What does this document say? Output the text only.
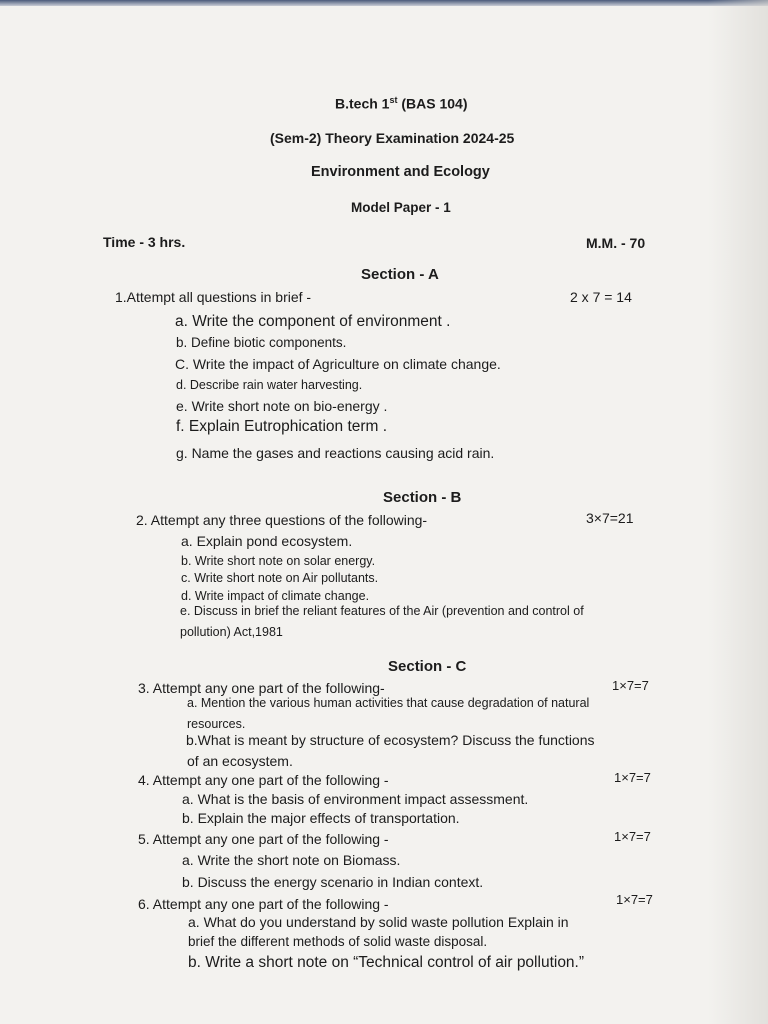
B.tech 1st (BAS 104)
(Sem-2) Theory Examination 2024-25
Environment and Ecology
Model Paper - 1
Time - 3 hrs.	M.M. - 70
Section - A
1.Attempt all questions in brief -	2 x 7 = 14
a. Write the component of environment .
b. Define biotic components.
C. Write the impact of Agriculture on climate change.
d. Describe rain water harvesting.
e. Write short note on bio-energy .
f. Explain Eutrophication term .
g. Name the gases and reactions causing acid rain.
Section - B
2. Attempt any three questions of the following-	3×7=21
a. Explain pond ecosystem.
b. Write short note on solar energy.
c. Write short note on Air pollutants.
d. Write impact of climate change.
e. Discuss in brief the reliant features of the Air (prevention and control of
pollution) Act,1981
Section - C
3. Attempt any one part of the following-	1×7=7
a. Mention the various human activities that cause degradation of natural
resources.
b.What is meant by structure of ecosystem? Discuss the functions
of an ecosystem.
4. Attempt any one part of the following -	1×7=7
a. What is the basis of environment impact assessment.
b. Explain the major effects of transportation.
5. Attempt any one part of the following -	1×7=7
a. Write the short note on Biomass.
b. Discuss the energy scenario in Indian context.
6. Attempt any one part of the following -	1×7=7
a. What do you understand by solid waste pollution Explain in
brief the different methods of solid waste disposal.
b. Write a short note on “Technical control of air pollution.”
